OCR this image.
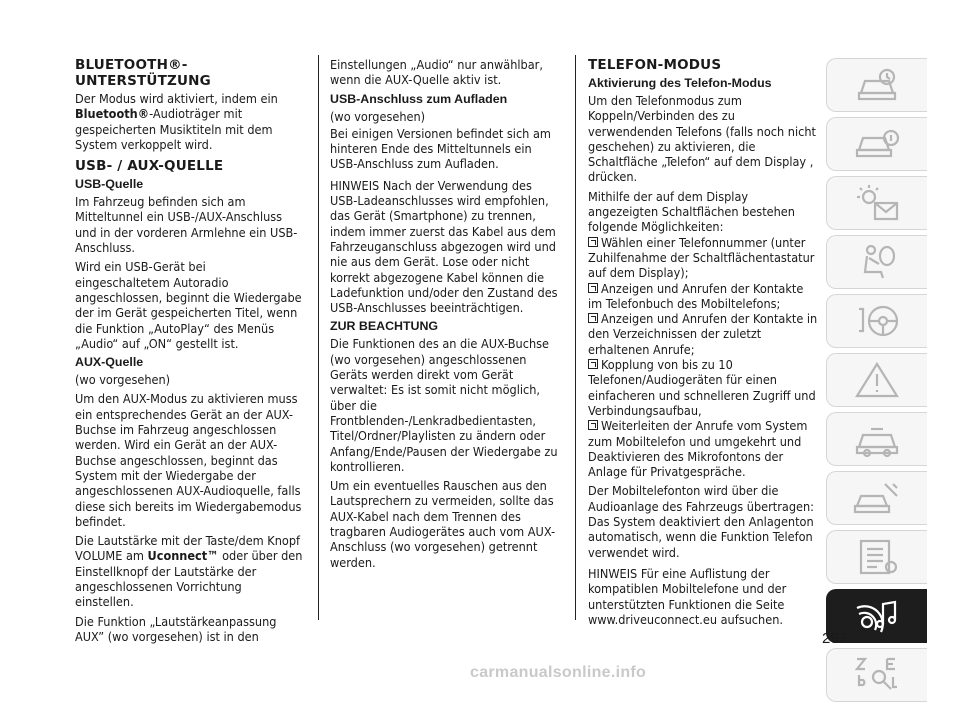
BLUETOOTH®-UNTERSTÜTZUNG

Der Modus wird aktiviert, indem ein Bluetooth®-Audioträger mit gespeicherten Musiktiteln mit dem System verkoppelt wird.

USB- / AUX-QUELLE
USB-Quelle

Im Fahrzeug befinden sich am Mitteltunnel ein USB-/AUX-Anschluss und in der vorderen Armlehne ein USB-Anschluss.

Wird ein USB-Gerät bei eingeschaltetem Autoradio angeschlossen, beginnt die Wiedergabe der im Gerät gespeicherten Titel, wenn die Funktion „AutoPlay“ des Menüs „Audio“ auf „ON“ gestellt ist.

AUX-Quelle

(wo vorgesehen)

Um den AUX-Modus zu aktivieren muss ein entsprechendes Gerät an der AUX-Buchse im Fahrzeug angeschlossen werden. Wird ein Gerät an der AUX-Buchse angeschlossen, beginnt das System mit der Wiedergabe der angeschlossenen AUX-Audioquelle, falls diese sich bereits im Wiedergabemodus befindet.

Die Lautstärke mit der Taste/dem Knopf VOLUME am Uconnect™ oder über den Einstellknopf der Lautstärke der angeschlossenen Vorrichtung einstellen.

Die Funktion „Lautstärkeanpassung AUX” (wo vorgesehen) ist in den

Einstellungen „Audio“ nur anwählbar, wenn die AUX-Quelle aktiv ist.

USB-Anschluss zum Aufladen

(wo vorgesehen)

Bei einigen Versionen befindet sich am hinteren Ende des Mitteltunnels ein USB-Anschluss zum Aufladen.

HINWEIS Nach der Verwendung des USB-Ladeanschlusses wird empfohlen, das Gerät (Smartphone) zu trennen, indem immer zuerst das Kabel aus dem Fahrzeuganschluss abgezogen wird und nie aus dem Gerät. Lose oder nicht korrekt abgezogene Kabel können die Ladefunktion und/oder den Zustand des USB-Anschlusses beeinträchtigen.

ZUR BEACHTUNG

Die Funktionen des an die AUX-Buchse (wo vorgesehen) angeschlossenen Geräts werden direkt vom Gerät verwaltet: Es ist somit nicht möglich, über die Frontblenden-/Lenkradbedientasten, Titel/Ordner/Playlisten zu ändern oder Anfang/Ende/Pausen der Wiedergabe zu kontrollieren.

Um ein eventuelles Rauschen aus den Lautsprechern zu vermeiden, sollte das AUX-Kabel nach dem Trennen des tragbaren Audiogerätes auch vom AUX-Anschluss (wo vorgesehen) getrennt werden.

TELEFON-MODUS
Aktivierung des Telefon-Modus

Um den Telefonmodus zum Koppeln/Verbinden des zu verwendenden Telefons (falls noch nicht geschehen) zu aktivieren, die Schaltfläche „Telefon“ auf dem Display , drücken.

Mithilfe der auf dem Display angezeigten Schaltflächen bestehen folgende Möglichkeiten:

Wählen einer Telefonnummer (unter Zuhilfenahme der Schaltflächentastatur auf dem Display);

Anzeigen und Anrufen der Kontakte im Telefonbuch des Mobiltelefons;

Anzeigen und Anrufen der Kontakte in den Verzeichnissen der zuletzt erhaltenen Anrufe;

Kopplung von bis zu 10 Telefonen/Audiogeräten für einen einfacheren und schnelleren Zugriff und Verbindungsaufbau,

Weiterleiten der Anrufe vom System zum Mobiltelefon und umgekehrt und Deaktivieren des Mikrofontons der Anlage für Privatgespräche.

Der Mobiltelefonton wird über die Audioanlage des Fahrzeugs übertragen: Das System deaktiviert den Anlagenton automatisch, wenn die Funktion Telefon verwendet wird.

HINWEIS Für eine Auflistung der kompatiblen Mobiltelefone und der unterstützten Funktionen die Seite www.driveuconnect.eu aufsuchen.

297
carmanualsonline.info
